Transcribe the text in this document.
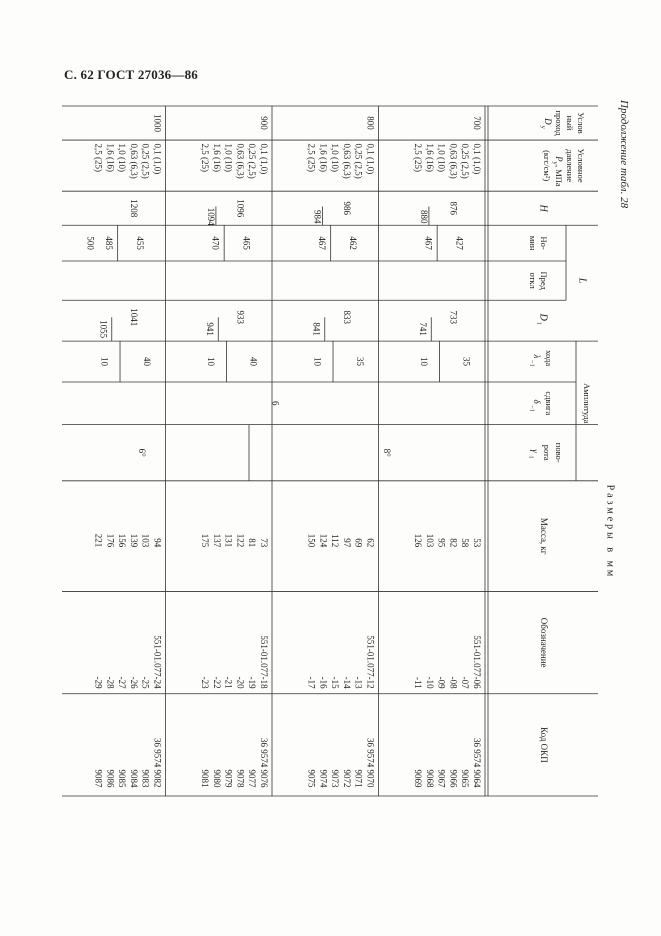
С. 62 ГОСТ 27036—86
Продолжение табл. 28
Услов
ный
проход
D
у
Условное
давление
P
у
, МПа
(кгс/см²)
H
L
Но-
мин
Пред
откл
D
1
Амплитуда
хода
λ
−1
сдвига
δ
−1
пово-
рота
γ
1
Масса, кг
Обозначение
Код ОКП
700
0,1 (1,0)
0,25 (2,5)
0,63 (6,3)
1,0 (10)
1,6 (16)
2,5 (25)
53
58
82
95
103
126
551-01.077-06
-07
-08
-09
-10
-11
36 9574 9064
9065
9066
9067
9068
9069
876
880
427
467
733
741
35
10
800
0,1 (1,0)
0,25 (2,5)
0,63 (6,3)
1,0 (10)
1,6 (16)
2,5 (25)
62
69
97
112
124
150
551-01.077-12
-13
-14
-15
-16
-17
36 9574 9070
9071
9072
9073
9074
9075
986
984
462
467
833
841
35
10
900
0,1 (1,0)
0,25 (2,5)
0,63 (6,3)
1,0 (10)
1,6 (16)
2,5 (25)
73
81
122
131
137
175
551-01.077-18
-19
-20
-21
-22
-23
36 9574 9076
9077
9078
9079
9080
9081
1096
1094
465
470
933
941
40
10
1000
0,1 (1,0)
0,25 (2,5)
0,63 (6,3)
1,0 (10)
1,6 (16)
2,5 (25)
94
103
139
156
176
221
551-01.077-24
-25
-26
-27
-28
-29
36 9574 9082
9083
9084
9085
9086
9087
1208
455
485
500
1041
1055
40
10
6
8°
6°
Размеры в мм
